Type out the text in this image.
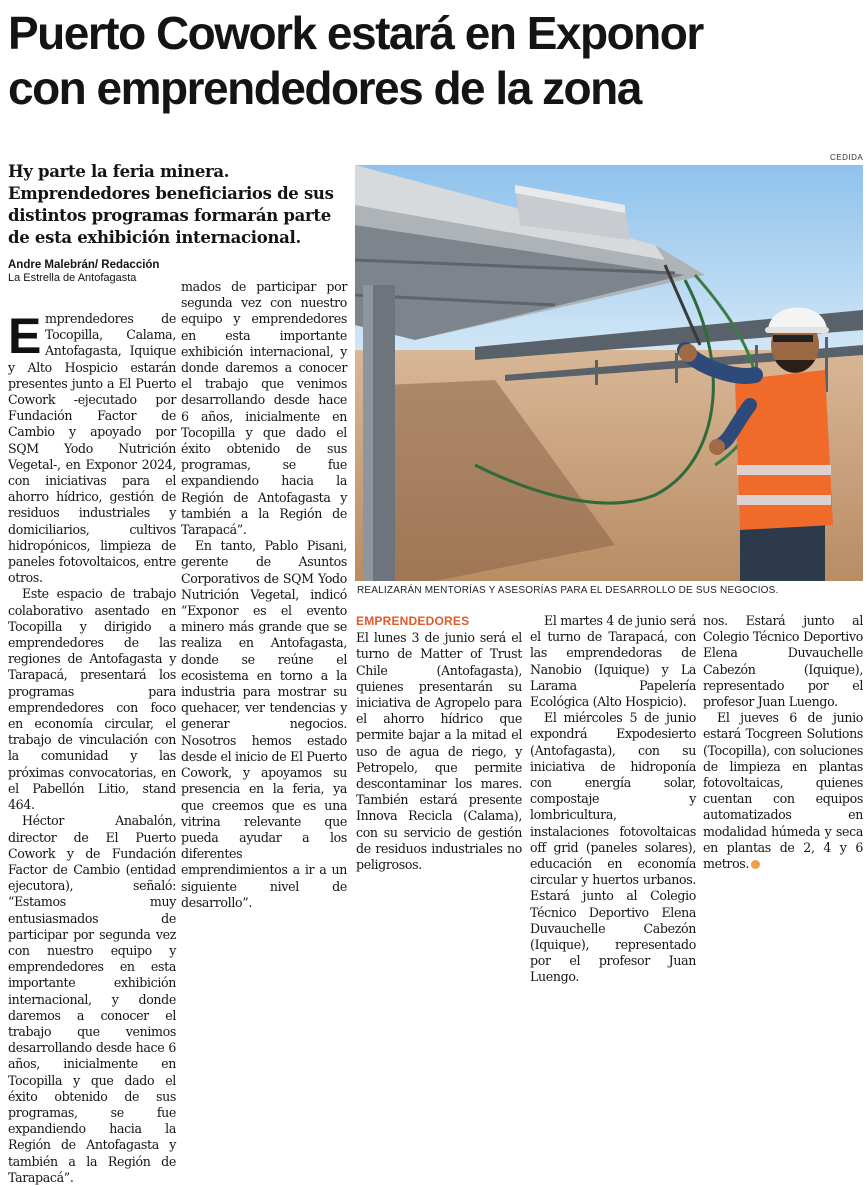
Puerto Cowork estará en Exponor
con emprendedores de la zona
Hy parte la feria minera.
Emprendedores beneficiarios de sus
distintos programas formarán parte
de esta exhibición internacional.
Andre Malebrán/ Redacción
La Estrella de Antofagasta
CEDIDA
REALIZARÁN MENTORÍAS Y ASESORÍAS PARA EL DESARROLLO DE SUS NEGOCIOS.

Emprendedores de Tocopilla, Calama, Antofagasta, Iquique y Alto Hospicio estarán presentes junto a El Puerto Cowork -ejecutado por Fundación Factor de Cambio y apoyado por SQM Yodo Nutrición Vegetal-, en Exponor 2024, con iniciativas para el ahorro hídrico, gestión de residuos industriales y domiciliarios, cultivos hidropónicos, limpieza de paneles fotovoltaicos, entre otros.

Este espacio de trabajo colaborativo asentado en Tocopilla y dirigido a emprendedores de las regiones de Antofagasta y Tarapacá, presentará los programas para emprendedores con foco en economía circular, el trabajo de vinculación con la comunidad y las próximas convocatorias, en el Pabellón Litio, stand 464.

Héctor Anabalón, director de El Puerto Cowork y de Fundación Factor de Cambio (entidad ejecutora), señaló: “Estamos muy entusiasmados de participar por segunda vez con nuestro equipo y emprendedores en esta importante exhibición internacional, y donde daremos a conocer el trabajo que venimos desarrollando desde hace 6 años, inicialmente en Tocopilla y que dado el éxito obtenido de sus programas, se fue expandiendo hacia la Región de Antofagasta y también a la Región de Tarapacá”.

mados de participar por segunda vez con nuestro equipo y emprendedores en esta importante exhibición internacional, y donde daremos a conocer el trabajo que venimos desarrollando desde hace 6 años, inicialmente en Tocopilla y que dado el éxito obtenido de sus programas, se fue expandiendo hacia la Región de Antofagasta y también a la Región de Tarapacá”.

En tanto, Pablo Pisani, gerente de Asuntos Corporativos de SQM Yodo Nutrición Vegetal, indicó “Exponor es el evento minero más grande que se realiza en Antofagasta, donde se reúne el ecosistema en torno a la industria para mostrar su quehacer, ver tendencias y generar negocios. Nosotros hemos estado desde el inicio de El Puerto Cowork, y apoyamos su presencia en la feria, ya que creemos que es una vitrina relevante que pueda ayudar a los diferentes emprendimientos a ir a un siguiente nivel de desarrollo”.

EMPRENDEDORES

El lunes 3 de junio será el turno de Matter of Trust Chile (Antofagasta), quienes presentarán su iniciativa de Agropelo para el ahorro hídrico que permite bajar a la mitad el uso de agua de riego, y Petropelo, que permite descontaminar los mares. También estará presente Innova Recicla (Calama), con su servicio de gestión de residuos industriales no peligrosos.

El martes 4 de junio será el turno de Tarapacá, con las emprendedoras de Nanobio (Iquique) y La Larama Papelería Ecológica (Alto Hospicio).

El miércoles 5 de junio expondrá Expodesierto (Antofagasta), con su iniciativa de hidroponía con energía solar, compostaje y lombricultura, instalaciones fotovoltaicas off grid (paneles solares), educación en economía circular y huertos urbanos. Estará junto al Colegio Técnico Deportivo Elena Duvauchelle Cabezón (Iquique), representado por el profesor Juan Luengo.

nos. Estará junto al Colegio Técnico Deportivo Elena Duvauchelle Cabezón (Iquique), representado por el profesor Juan Luengo.

El jueves 6 de junio estará Tocgreen Solutions (Tocopilla), con soluciones de limpieza en plantas fotovoltaicas, quienes cuentan con equipos automatizados en modalidad húmeda y seca en plantas de 2, 4 y 6 metros.
